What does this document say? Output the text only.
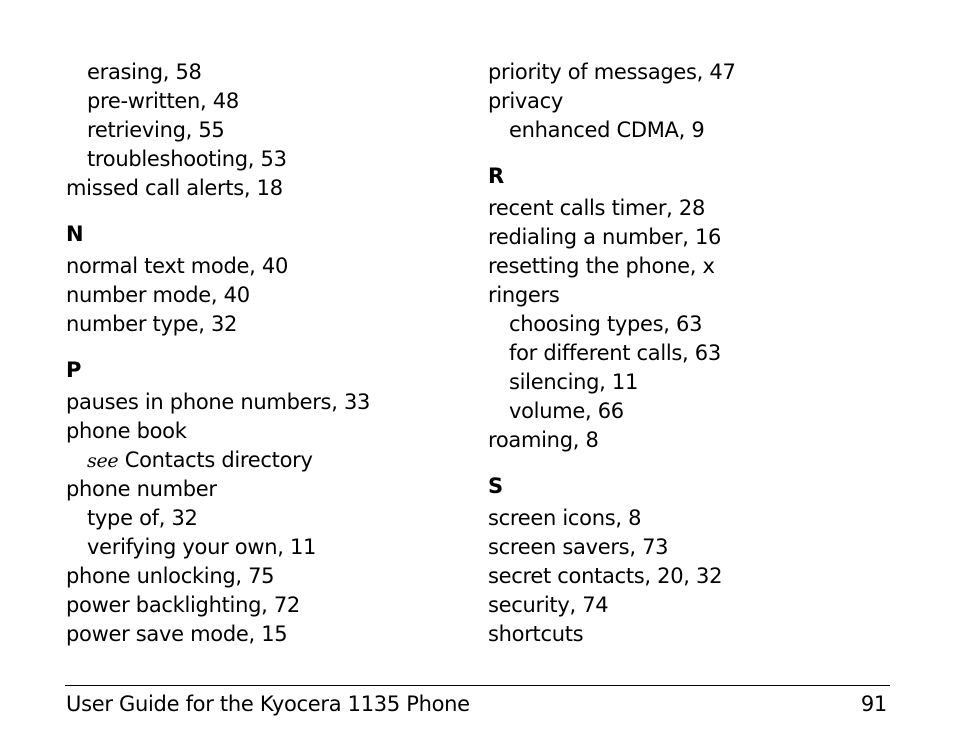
erasing, 58
pre-written, 48
retrieving, 55
troubleshooting, 53
missed call alerts, 18
N
normal text mode, 40
number mode, 40
number type, 32
P
pauses in phone numbers, 33
phone book
see Contacts directory
phone number
type of, 32
verifying your own, 11
phone unlocking, 75
power backlighting, 72
power save mode, 15
priority of messages, 47
privacy
enhanced CDMA, 9
R
recent calls timer, 28
redialing a number, 16
resetting the phone, x
ringers
choosing types, 63
for different calls, 63
silencing, 11
volume, 66
roaming, 8
S
screen icons, 8
screen savers, 73
secret contacts, 20, 32
security, 74
shortcuts
User Guide for the Kyocera 1135 Phone	91
